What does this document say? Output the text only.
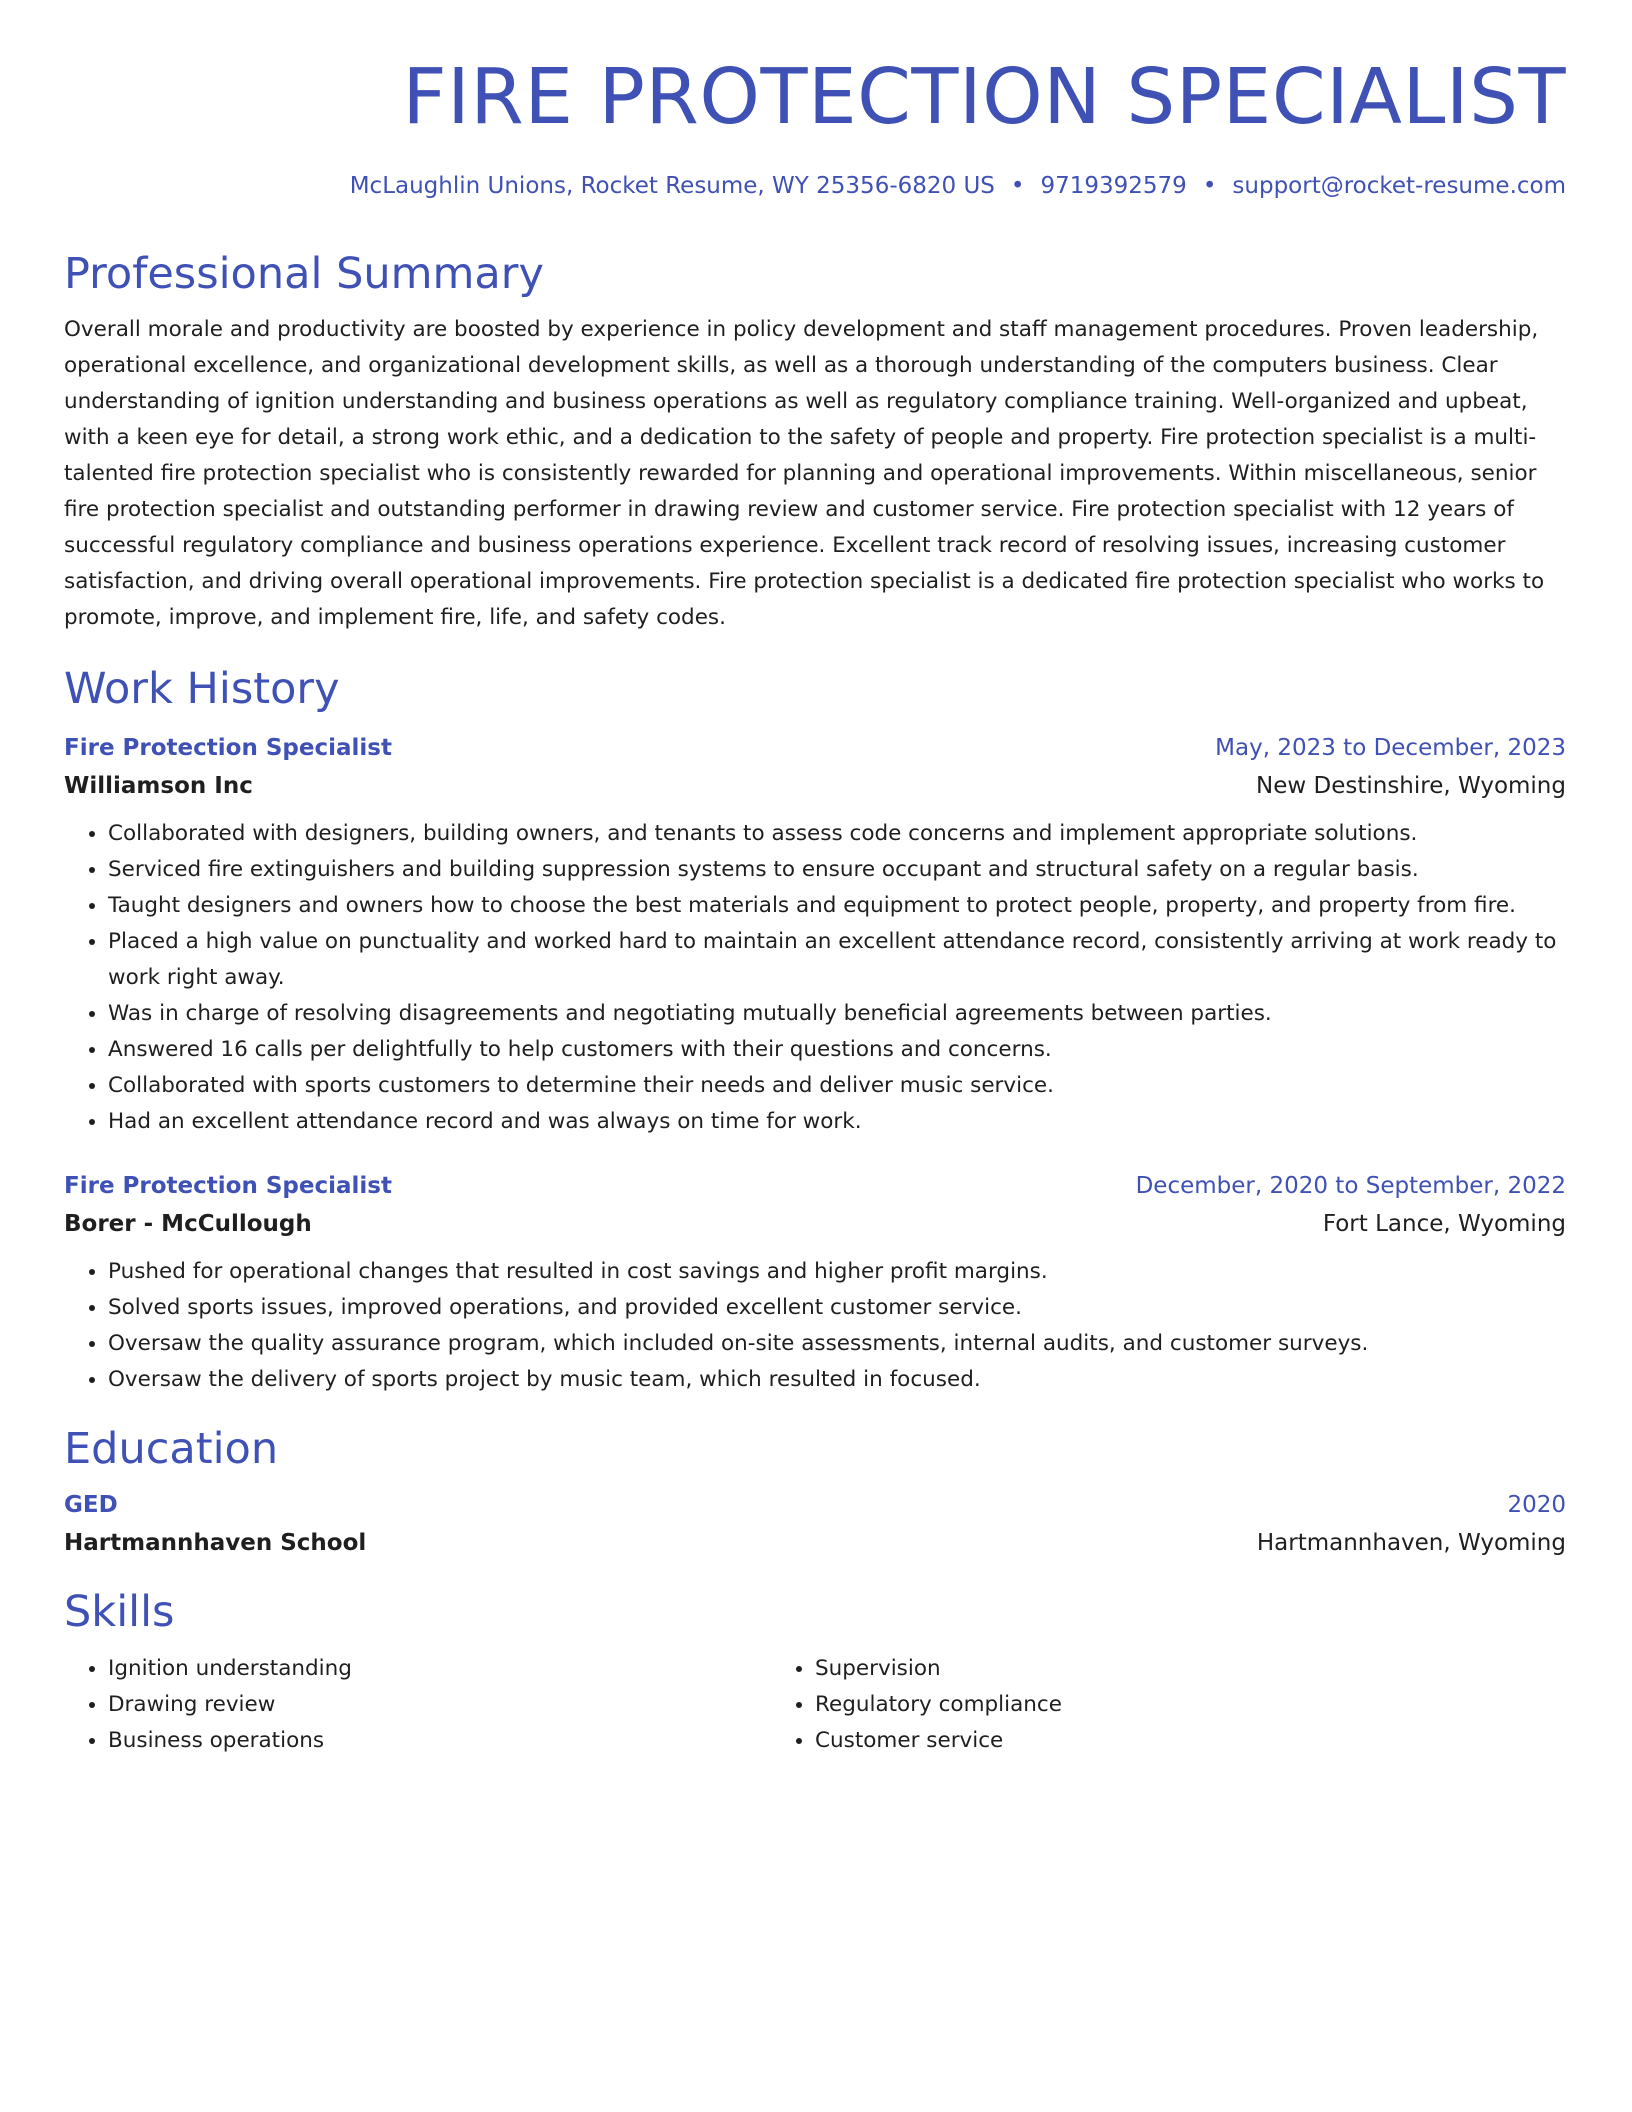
FIRE PROTECTION SPECIALIST
McLaughlin Unions, Rocket Resume, WY 25356-6820 US • 9719392579 • support@rocket-resume.com
Professional Summary
Overall morale and productivity are boosted by experience in policy development and staff management procedures. Proven leadership, operational excellence, and organizational development skills, as well as a thorough understanding of the computers business. Clear understanding of ignition understanding and business operations as well as regulatory compliance training. Well-organized and upbeat, with a keen eye for detail, a strong work ethic, and a dedication to the safety of people and property. Fire protection specialist is a multi-talented fire protection specialist who is consistently rewarded for planning and operational improvements. Within miscellaneous, senior fire protection specialist and outstanding performer in drawing review and customer service. Fire protection specialist with 12 years of successful regulatory compliance and business operations experience. Excellent track record of resolving issues, increasing customer satisfaction, and driving overall operational improvements. Fire protection specialist is a dedicated fire protection specialist who works to promote, improve, and implement fire, life, and safety codes.
Work History
Fire Protection Specialist	May, 2023 to December, 2023
Williamson Inc	New Destinshire, Wyoming
• Collaborated with designers, building owners, and tenants to assess code concerns and implement appropriate solutions.
• Serviced fire extinguishers and building suppression systems to ensure occupant and structural safety on a regular basis.
• Taught designers and owners how to choose the best materials and equipment to protect people, property, and property from fire.
• Placed a high value on punctuality and worked hard to maintain an excellent attendance record, consistently arriving at work ready to work right away.
• Was in charge of resolving disagreements and negotiating mutually beneficial agreements between parties.
• Answered 16 calls per delightfully to help customers with their questions and concerns.
• Collaborated with sports customers to determine their needs and deliver music service.
• Had an excellent attendance record and was always on time for work.
Fire Protection Specialist	December, 2020 to September, 2022
Borer - McCullough	Fort Lance, Wyoming
• Pushed for operational changes that resulted in cost savings and higher profit margins.
• Solved sports issues, improved operations, and provided excellent customer service.
• Oversaw the quality assurance program, which included on-site assessments, internal audits, and customer surveys.
• Oversaw the delivery of sports project by music team, which resulted in focused.
Education
GED	2020
Hartmannhaven School	Hartmannhaven, Wyoming
Skills
• Ignition understanding
• Drawing review
• Business operations
• Supervision
• Regulatory compliance
• Customer service
